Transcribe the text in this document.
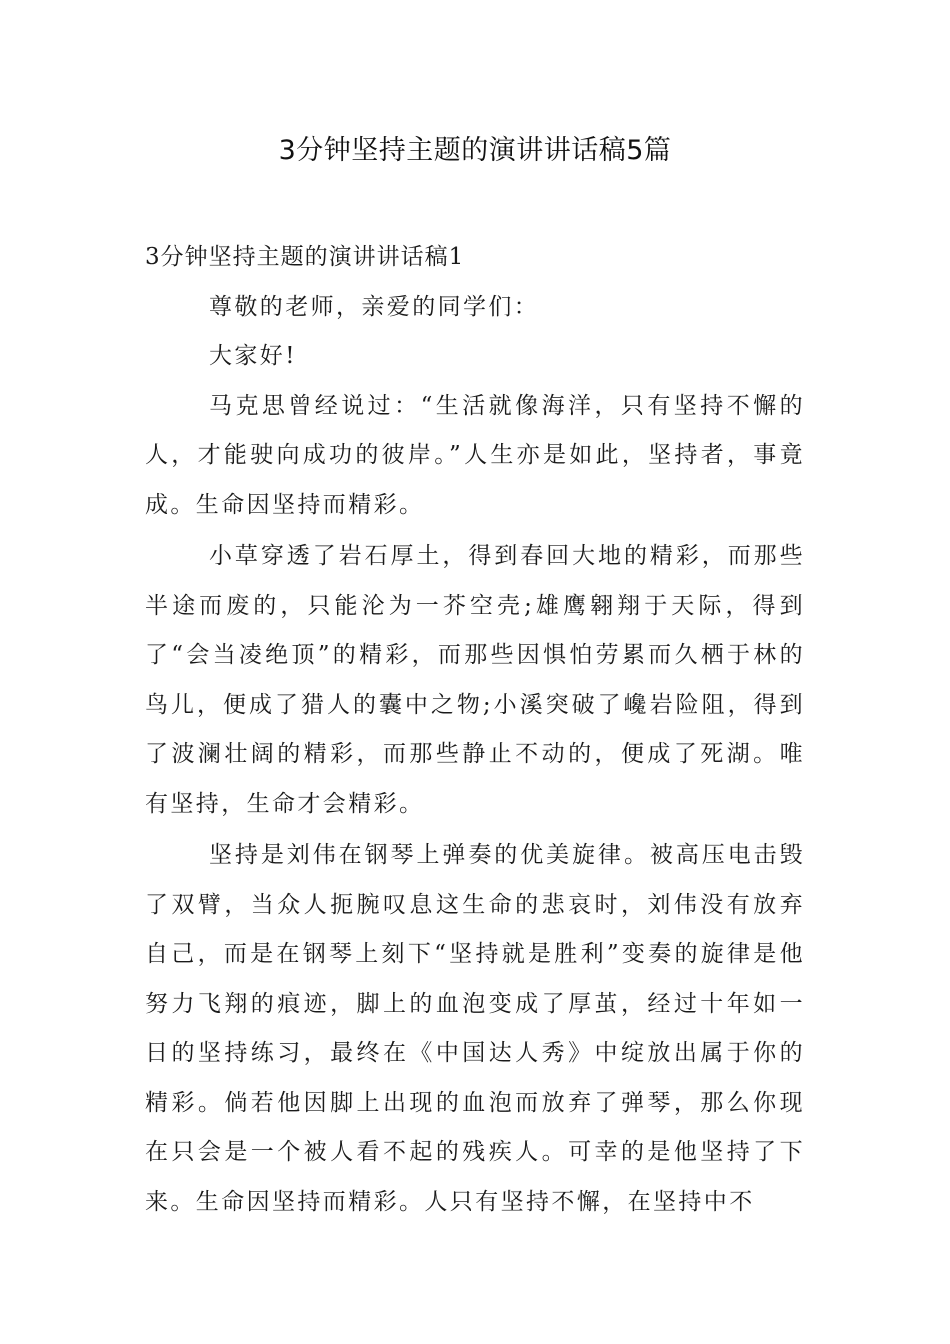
3分钟坚持主题的演讲讲话稿5篇

3分钟坚持主题的演讲讲话稿1

尊敬的老师，亲爱的同学们：

大家好!

马克思曾经说过：“生活就像海洋，只有坚持不懈的人，才能驶向成功的彼岸。”人生亦是如此，坚持者，事竟成。生命因坚持而精彩。

小草穿透了岩石厚土，得到春回大地的精彩，而那些半途而废的，只能沦为一芥空壳;雄鹰翱翔于天际，得到了“会当凌绝顶”的精彩，而那些因惧怕劳累而久栖于林的鸟儿，便成了猎人的囊中之物;小溪突破了巉岩险阻，得到了波澜壮阔的精彩，而那些静止不动的，便成了死湖。唯有坚持，生命才会精彩。

坚持是刘伟在钢琴上弹奏的优美旋律。被高压电击毁了双臂，当众人扼腕叹息这生命的悲哀时，刘伟没有放弃自己，而是在钢琴上刻下“坚持就是胜利”变奏的旋律是他努力飞翔的痕迹，脚上的血泡变成了厚茧，经过十年如一日的坚持练习，最终在《中国达人秀》中绽放出属于你的精彩。倘若他因脚上出现的血泡而放弃了弹琴，那么你现在只会是一个被人看不起的残疾人。可幸的是他坚持了下来。生命因坚持而精彩。人只有坚持不懈，在坚持中不
